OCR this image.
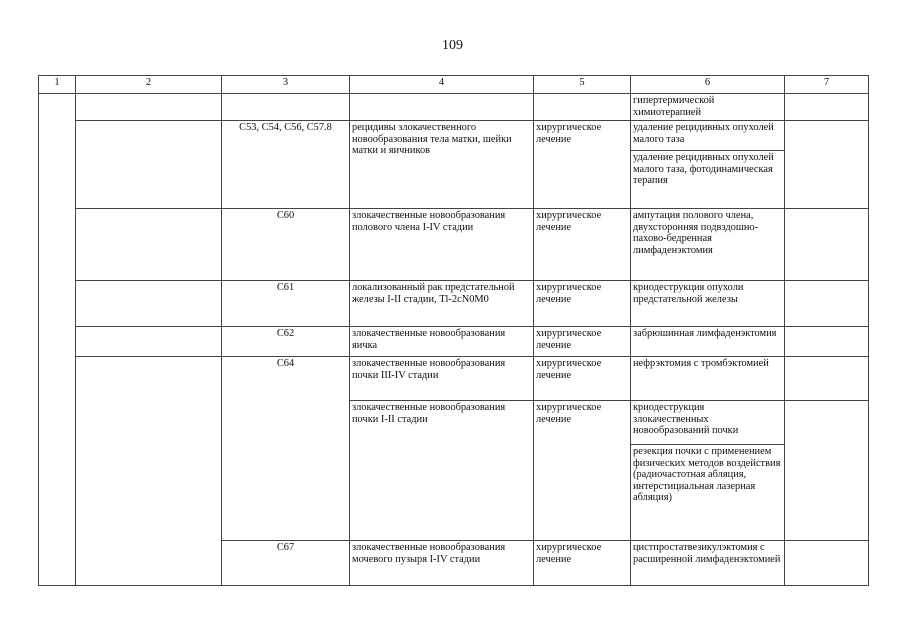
109
1	2	3	4	5	6	7
					гипертермической химиотерапией	
		C53, C54, C56, C57.8	рецидивы злокачественного новообразования тела матки, шейки матки и яичников	хирургическое лечение	удаление рецидивных опухолей малого таза	
					удаление рецидивных опухолей малого таза, фотодинамическая терапия	
		C60	злокачественные новообразования полового члена I-IV стадии	хирургическое лечение	ампутация полового члена, двухсторонняя подвздошно-пахово-бедренная лимфаденэктомия	
		C61	локализованный рак предстательной железы I-II стадии, Tl-2cN0M0	хирургическое лечение	криодеструкция опухоли предстательной железы	
		C62	злокачественные новообразования яичка	хирургическое лечение	забрюшинная лимфаденэктомия	
		C64	злокачественные новообразования почки III-IV стадии	хирургическое лечение	нефрэктомия с тромбэктомией	
			злокачественные новообразования почки I-II стадии	хирургическое лечение	криодеструкция злокачественных новообразований почки	
					резекция почки с применением физических методов воздействия (радиочастотная абляция, интерстициальная лазерная абляция)	
		C67	злокачественные новообразования мочевого пузыря I-IV стадии	хирургическое лечение	цистпростатвезикулэктомия с расширенной лимфаденэктомией	
